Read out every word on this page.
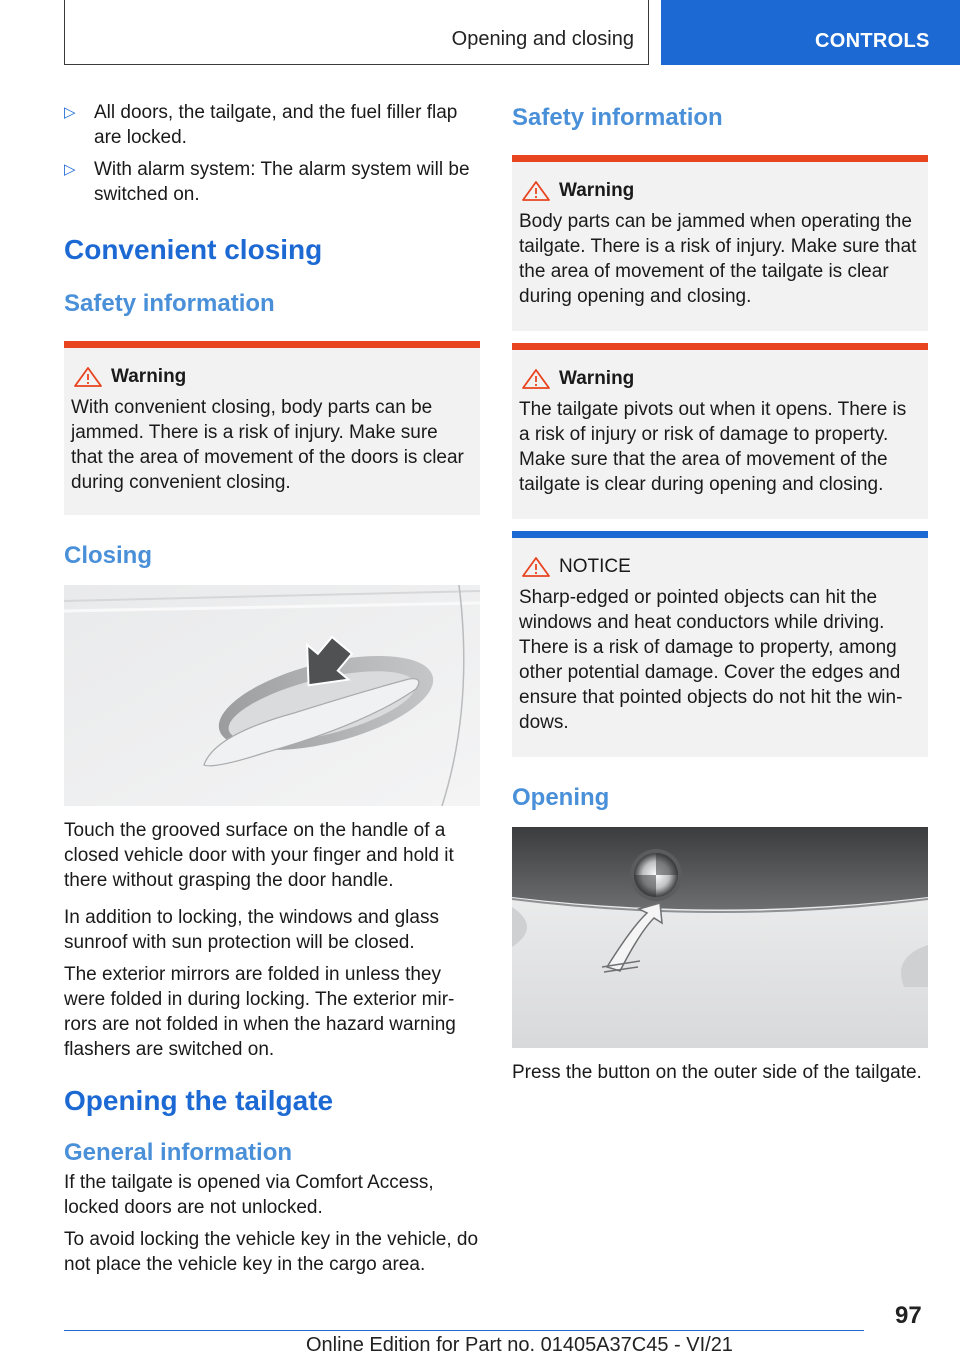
Opening and closing	CONTROLS
▷ All doors, the tailgate, and the fuel filler flap are locked.
▷ With alarm system: The alarm system will be switched on.
Convenient closing
Safety information
Warning
With convenient closing, body parts can be jammed. There is a risk of injury. Make sure that the area of movement of the doors is clear during convenient closing.
Closing
Touch the grooved surface on the handle of a closed vehicle door with your finger and hold it there without grasping the door handle.
In addition to locking, the windows and glass sunroof with sun protection will be closed.
The exterior mirrors are folded in unless they were folded in during locking. The exterior mir-rors are not folded in when the hazard warning flashers are switched on.
Opening the tailgate
General information
If the tailgate is opened via Comfort Access, locked doors are not unlocked.
To avoid locking the vehicle key in the vehicle, do not place the vehicle key in the cargo area.
Safety information
Warning
Body parts can be jammed when operating the tailgate. There is a risk of injury. Make sure that the area of movement of the tailgate is clear during opening and closing.
Warning
The tailgate pivots out when it opens. There is a risk of injury or risk of damage to property. Make sure that the area of movement of the tailgate is clear during opening and closing.
NOTICE
Sharp-edged or pointed objects can hit the windows and heat conductors while driving. There is a risk of damage to property, among other potential damage. Cover the edges and ensure that pointed objects do not hit the win-dows.
Opening
Press the button on the outer side of the tailgate.
97
Online Edition for Part no. 01405A37C45 - VI/21
